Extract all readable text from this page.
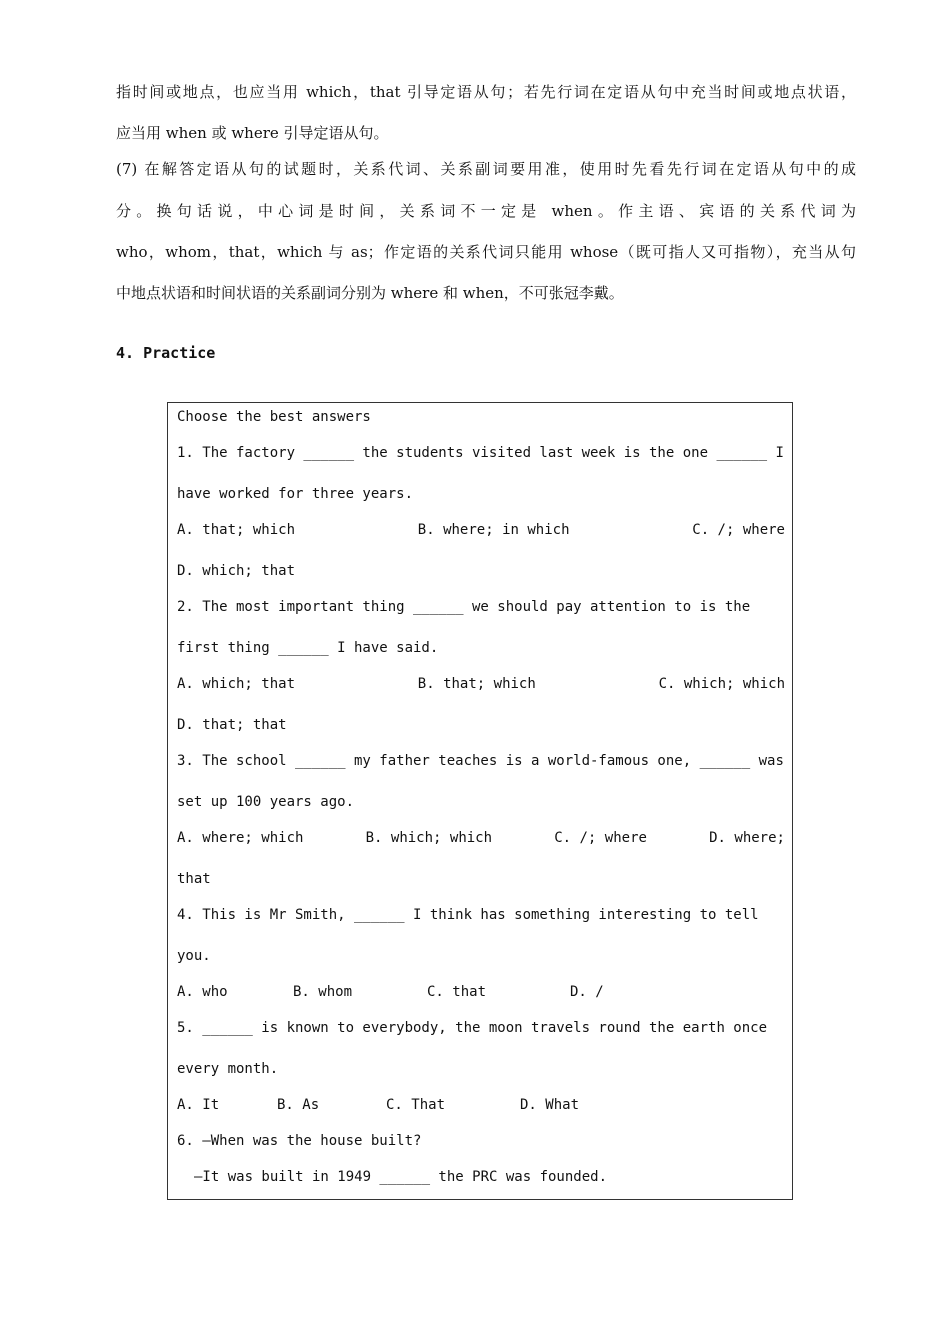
指时间或地点，也应当用 which，that 引导定语从句；若先行词在定语从句中充当时间或地点状语，
应当用 when 或 where 引导定语从句。
(7) 在解答定语从句的试题时，关系代词、关系副词要用准，使用时先看先行词在定语从句中的成
分。换句话说，中心词是时间，关系词不一定是 when。作主语、宾语的关系代词为
who，whom，that，which 与 as；作定语的关系代词只能用 whose（既可指人又可指物），充当从句
中地点状语和时间状语的关系副词分别为 where 和 when，不可张冠李戴。
4. Practice
Choose the best answers
1. The factory ______ the students visited last week is the one ______ I
have worked for three years.
A. that; which	B. where; in which	C. /; where
D. which; that
2. The most important thing ______ we should pay attention to is the
first thing ______ I have said.
A. which; that	B. that; which	C. which; which
D. that; that
3. The school ______ my father teaches is a world-famous one, ______ was
set up 100 years ago.
A. where; which	B. which; which	C. /; where	D. where;
that
4. This is Mr Smith, ______ I think has something interesting to tell
you.
A. who	B. whom	C. that	D. /
5. ______ is known to everybody, the moon travels round the earth once
every month.
A. It	B. As	C. That	D. What
6. —When was the house built?
—It was built in 1949 ______ the PRC was founded.
